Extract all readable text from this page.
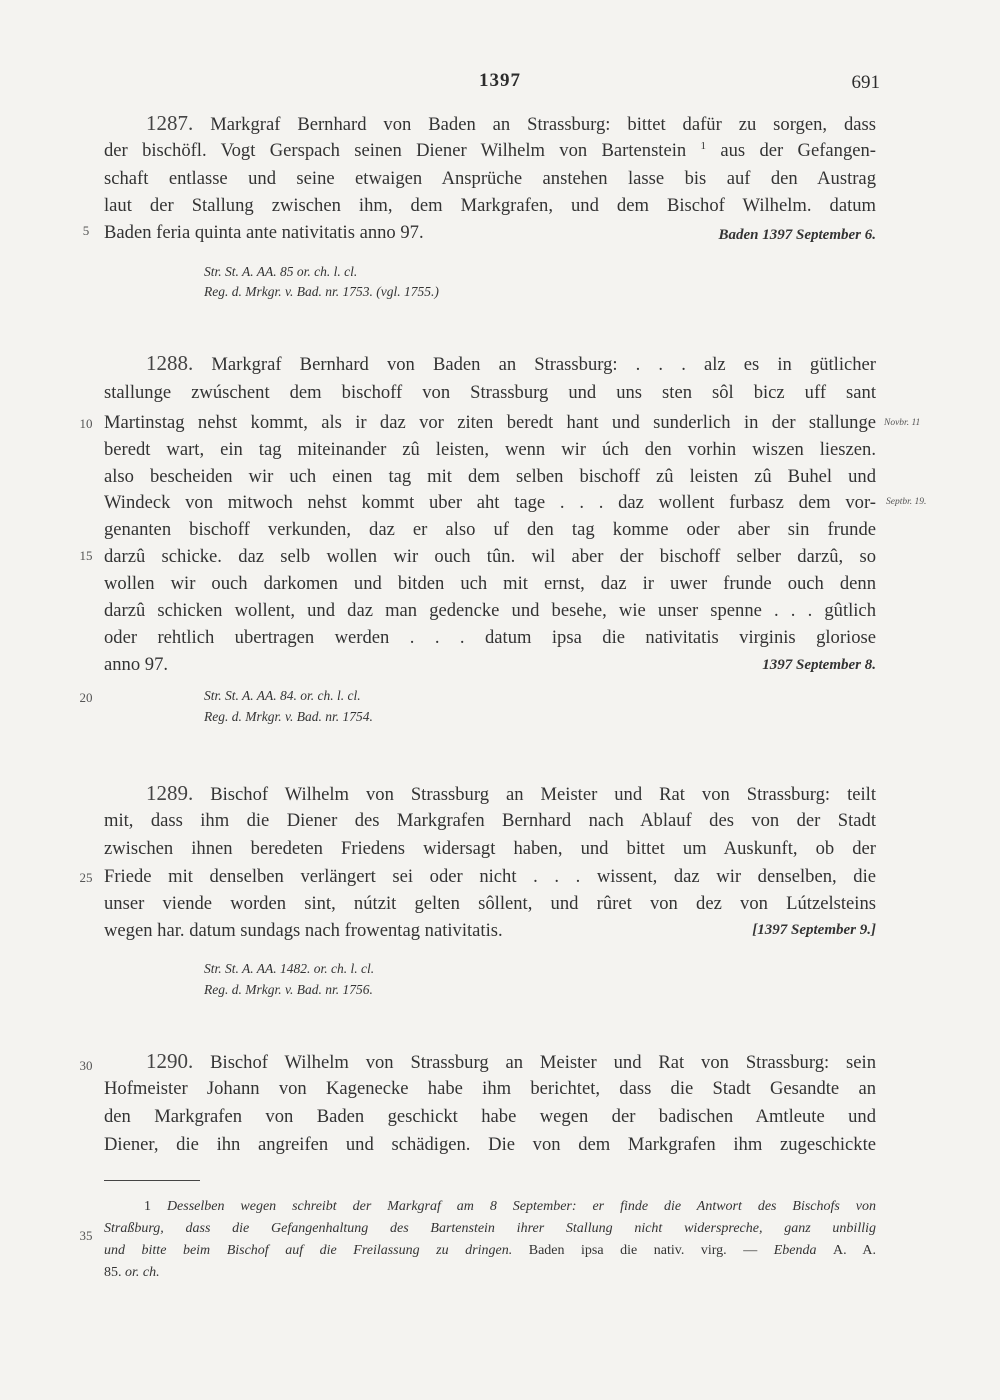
1397	691
5
10
15
20
25
30
35
1287. Markgraf Bernhard von Baden an Strassburg: bittet dafür zu sorgen, dass
der bischöfl. Vogt Gerspach seinen Diener Wilhelm von Bartenstein $^1$ aus der Gefangen-
schaft entlasse und seine etwaigen Ansprüche anstehen lasse bis auf den Austrag
laut der Stallung zwischen ihm, dem Markgrafen, und dem Bischof Wilhelm. datum
Baden feria quinta ante nativitatis anno 97.	Baden 1397 September 6.
Str. St. A. AA. 85 or. ch. l. cl.
Reg. d. Mrkgr. v. Bad. nr. 1753. (vgl. 1755.)
1288. Markgraf Bernhard von Baden an Strassburg: . . . alz es in gütlicher
stallunge zwúschent dem bischoff von Strassburg und uns sten sôl bicz uff sant
Martinstag nehst kommt, als ir daz vor ziten beredt hant und sunderlich in der stallunge
beredt wart, ein tag miteinander zû leisten, wenn wir úch den vorhin wiszen lieszen.
also bescheiden wir uch einen tag mit dem selben bischoff zû leisten zû Buhel und
Windeck von mitwoch nehst kommt uber aht tage . . . daz wollent furbasz dem vor-
genanten bischoff verkunden, daz er also uf den tag komme oder aber sin frunde
darzû schicke. daz selb wollen wir ouch tûn. wil aber der bischoff selber darzû, so
wollen wir ouch darkomen und bitden uch mit ernst, daz ir uwer frunde ouch denn
darzû schicken wollent, und daz man gedencke und besehe, wie unser spenne . . . gûtlich
oder rehtlich ubertragen werden . . . datum ipsa die nativitatis virginis gloriose
anno 97.	1397 September 8.
Novbr. 11
Septbr. 19.
Str. St. A. AA. 84. or. ch. l. cl.
Reg. d. Mrkgr. v. Bad. nr. 1754.
1289. Bischof Wilhelm von Strassburg an Meister und Rat von Strassburg: teilt
mit, dass ihm die Diener des Markgrafen Bernhard nach Ablauf des von der Stadt
zwischen ihnen beredeten Friedens widersagt haben, und bittet um Auskunft, ob der
Friede mit denselben verlängert sei oder nicht . . . wissent, daz wir denselben, die
unser viende worden sint, nútzit gelten sôllent, und rûret von dez von Lútzelsteins
wegen har. datum sundags nach frowentag nativitatis.	[1397 September 9.]
Str. St. A. AA. 1482. or. ch. l. cl.
Reg. d. Mrkgr. v. Bad. nr. 1756.
1290. Bischof Wilhelm von Strassburg an Meister und Rat von Strassburg: sein
Hofmeister Johann von Kagenecke habe ihm berichtet, dass die Stadt Gesandte an
den Markgrafen von Baden geschickt habe wegen der badischen Amtleute und
Diener, die ihn angreifen und schädigen. Die von dem Markgrafen ihm zugeschickte
1 Desselben wegen schreibt der Markgraf am 8 September: er finde die Antwort des Bischofs von
Straßburg, dass die Gefangenhaltung des Bartenstein ihrer Stallung nicht widerspreche, ganz unbillig
und bitte beim Bischof auf die Freilassung zu dringen. Baden ipsa die nativ. virg. — Ebenda A. A.
85. or. ch.
